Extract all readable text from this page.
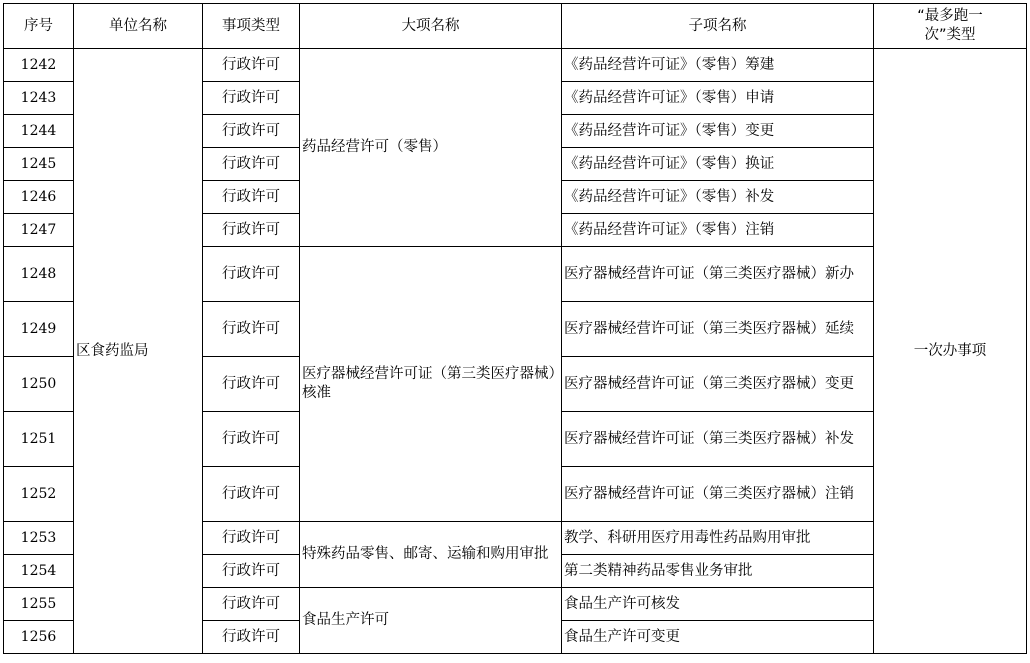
序号	单位名称	事项类型	大项名称	子项名称	“最多跑一次”类型
1242	区食药监局	行政许可	药品经营许可（零售）	《药品经营许可证》（零售）筹建	一次办事项
1243		行政许可		《药品经营许可证》（零售）申请	
1244		行政许可		《药品经营许可证》（零售）变更	
1245		行政许可		《药品经营许可证》（零售）换证	
1246		行政许可		《药品经营许可证》（零售）补发	
1247		行政许可		《药品经营许可证》（零售）注销	
1248		行政许可	医疗器械经营许可证（第三类医疗器械）核准	医疗器械经营许可证（第三类医疗器械）新办	
1249		行政许可		医疗器械经营许可证（第三类医疗器械）延续	
1250		行政许可		医疗器械经营许可证（第三类医疗器械）变更	
1251		行政许可		医疗器械经营许可证（第三类医疗器械）补发	
1252		行政许可		医疗器械经营许可证（第三类医疗器械）注销	
1253		行政许可	特殊药品零售、邮寄、运输和购用审批	教学、科研用医疗用毒性药品购用审批	
1254		行政许可		第二类精神药品零售业务审批	
1255		行政许可	食品生产许可	食品生产许可核发	
1256		行政许可		食品生产许可变更	
